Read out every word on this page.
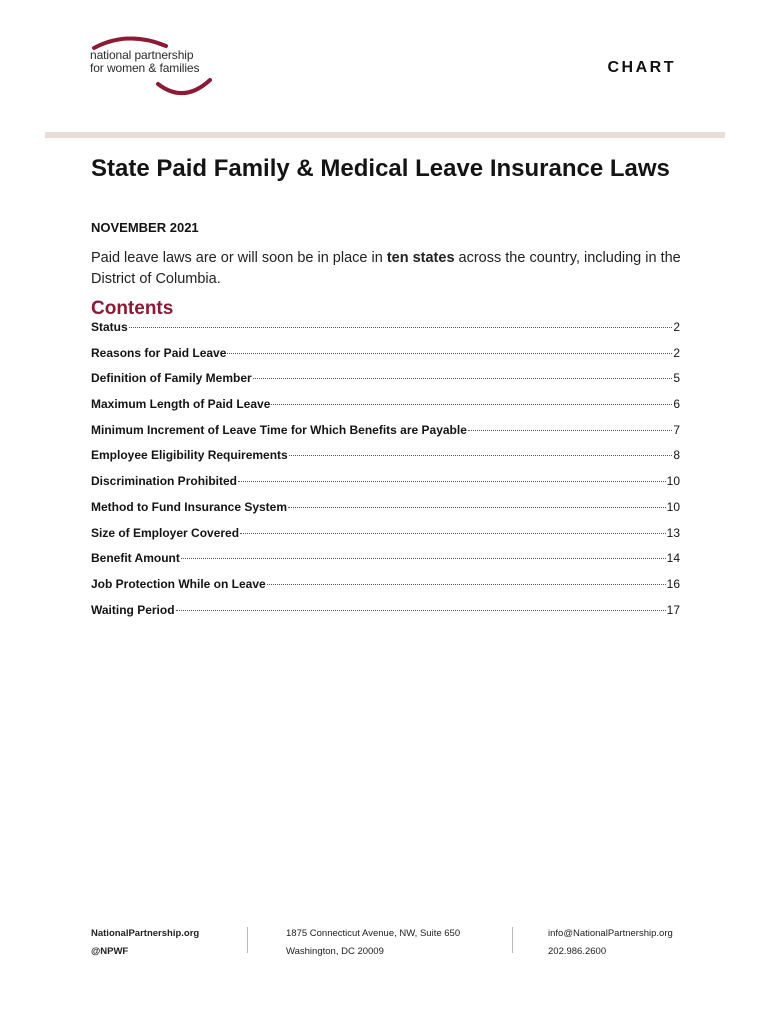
national partnership
for women & families	CHART
State Paid Family & Medical Leave Insurance Laws
NOVEMBER 2021

Paid leave laws are or will soon be in place in ten states across the country, including in the District of Columbia.

Contents
Status	2
Reasons for Paid Leave	2
Definition of Family Member	5
Maximum Length of Paid Leave	6
Minimum Increment of Leave Time for Which Benefits are Payable	7
Employee Eligibility Requirements	8
Discrimination Prohibited	10
Method to Fund Insurance System	10
Size of Employer Covered	13
Benefit Amount	14
Job Protection While on Leave	16
Waiting Period	17
NationalPartnership.org
@NPWF
1875 Connecticut Avenue, NW, Suite 650
Washington, DC 20009
info@NationalPartnership.org
202.986.2600
